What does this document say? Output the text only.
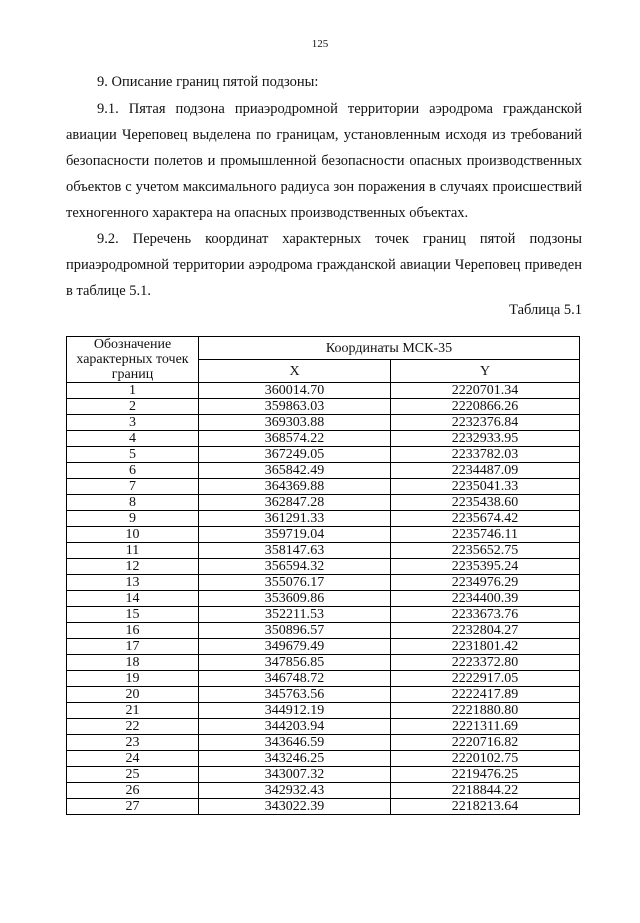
125
9. Описание границ пятой подзоны:

9.1. Пятая подзона приаэродромной территории аэродрома гражданской авиации Череповец выделена по границам, установленным исходя из требований безопасности полетов и промышленной безопасности опасных производственных объектов с учетом максимального радиуса зон поражения в случаях происшествий техногенного характера на опасных производственных объектах.

9.2. Перечень координат характерных точек границ пятой подзоны приаэродромной территории аэродрома гражданской авиации Череповец приведен в таблице 5.1.

Таблица 5.1
Обозначение характерных точек границ	Координаты МСК-35	
	X	Y
1	360014.70	2220701.34
2	359863.03	2220866.26
3	369303.88	2232376.84
4	368574.22	2232933.95
5	367249.05	2233782.03
6	365842.49	2234487.09
7	364369.88	2235041.33
8	362847.28	2235438.60
9	361291.33	2235674.42
10	359719.04	2235746.11
11	358147.63	2235652.75
12	356594.32	2235395.24
13	355076.17	2234976.29
14	353609.86	2234400.39
15	352211.53	2233673.76
16	350896.57	2232804.27
17	349679.49	2231801.42
18	347856.85	2223372.80
19	346748.72	2222917.05
20	345763.56	2222417.89
21	344912.19	2221880.80
22	344203.94	2221311.69
23	343646.59	2220716.82
24	343246.25	2220102.75
25	343007.32	2219476.25
26	342932.43	2218844.22
27	343022.39	2218213.64
